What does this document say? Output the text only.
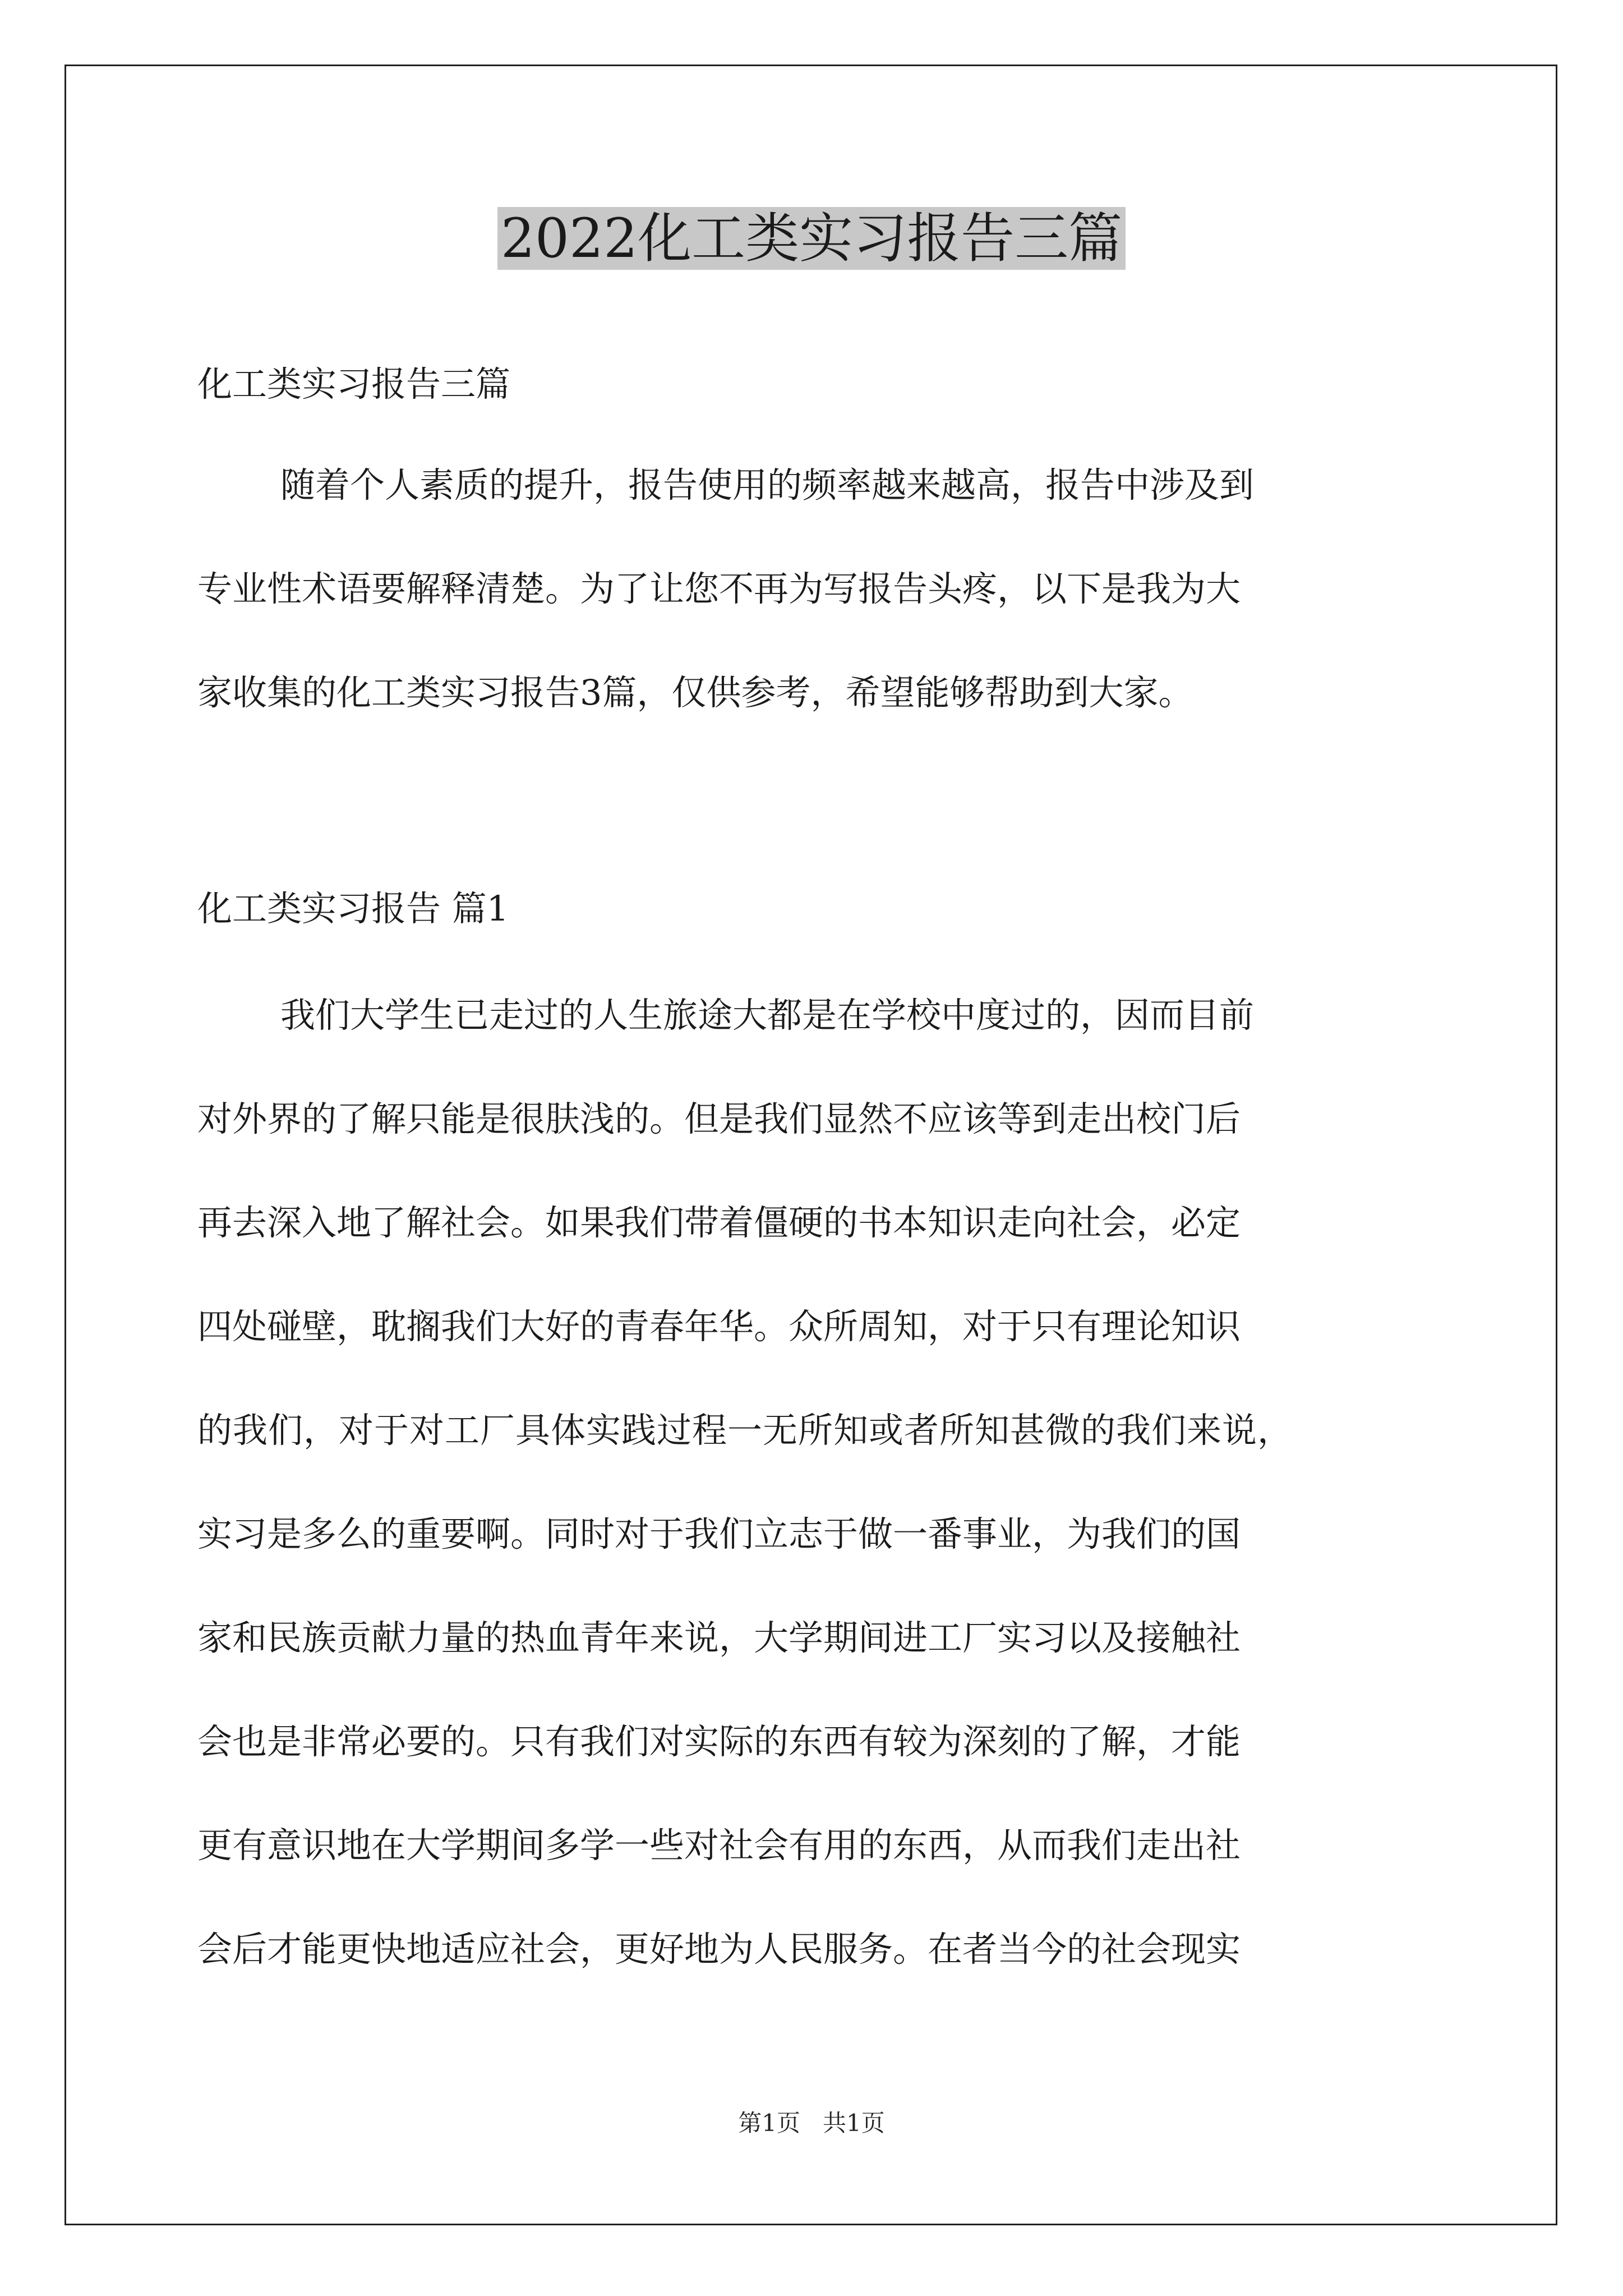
2022化工类实习报告三篇

化工类实习报告三篇

随着个人素质的提升，报告使用的频率越来越高，报告中涉及到

专业性术语要解释清楚。为了让您不再为写报告头疼，以下是我为大

家收集的化工类实习报告3篇，仅供参考，希望能够帮助到大家。

化工类实习报告 篇1

我们大学生已走过的人生旅途大都是在学校中度过的，因而目前

对外界的了解只能是很肤浅的。但是我们显然不应该等到走出校门后

再去深入地了解社会。如果我们带着僵硬的书本知识走向社会，必定

四处碰壁，耽搁我们大好的青春年华。众所周知，对于只有理论知识

的我们，对于对工厂具体实践过程一无所知或者所知甚微的我们来说，

实习是多么的重要啊。同时对于我们立志于做一番事业，为我们的国

家和民族贡献力量的热血青年来说，大学期间进工厂实习以及接触社

会也是非常必要的。只有我们对实际的东西有较为深刻的了解，才能

更有意识地在大学期间多学一些对社会有用的东西，从而我们走出社

会后才能更快地适应社会，更好地为人民服务。在者当今的社会现实

第1页 共1页
